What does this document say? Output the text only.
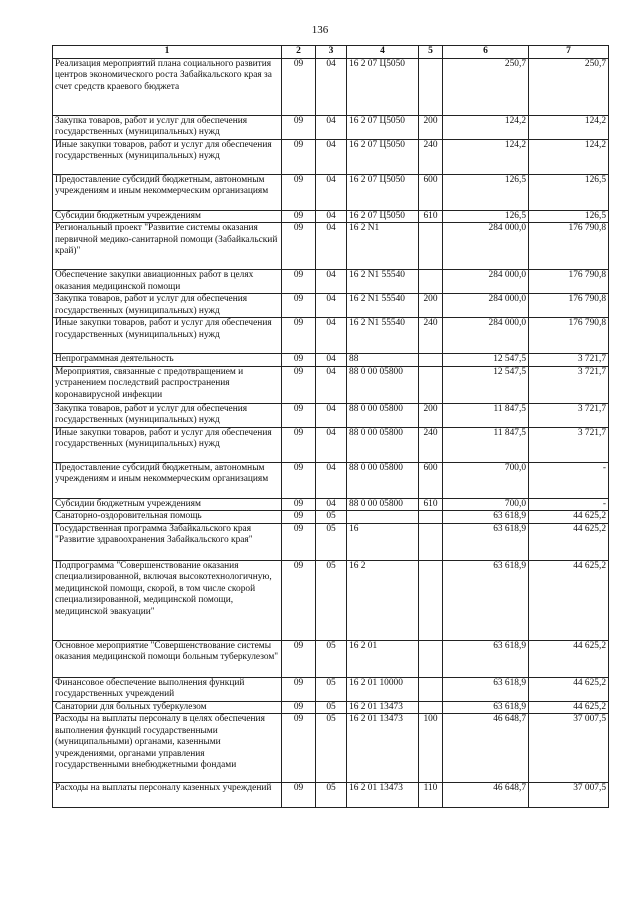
136
1	2	3	4	5	6	7
Реализация мероприятий плана социального развития центров экономического роста Забайкальского края за счет средств краевого бюджета	09	04	16 2 07 Ц5050		250,7	250,7
Закупка товаров, работ и услуг для обеспечения государственных (муниципальных) нужд	09	04	16 2 07 Ц5050	200	124,2	124,2
Иные закупки товаров, работ и услуг для обеспечения государственных (муниципальных) нужд	09	04	16 2 07 Ц5050	240	124,2	124,2
Предоставление субсидий бюджетным, автономным учреждениям и иным некоммерческим организациям	09	04	16 2 07 Ц5050	600	126,5	126,5
Субсидии бюджетным учреждениям	09	04	16 2 07 Ц5050	610	126,5	126,5
Региональный проект "Развитие системы оказания первичной медико-санитарной помощи (Забайкальский край)"	09	04	16 2 N1		284 000,0	176 790,8
Обеспечение закупки авиационных работ в целях оказания медицинской помощи	09	04	16 2 N1 55540		284 000,0	176 790,8
Закупка товаров, работ и услуг для обеспечения государственных (муниципальных) нужд	09	04	16 2 N1 55540	200	284 000,0	176 790,8
Иные закупки товаров, работ и услуг для обеспечения государственных (муниципальных) нужд	09	04	16 2 N1 55540	240	284 000,0	176 790,8
Непрограммная деятельность	09	04	88		12 547,5	3 721,7
Мероприятия, связанные с предотвращением и устранением последствий распространения коронавирусной инфекции	09	04	88 0 00 05800		12 547,5	3 721,7
Закупка товаров, работ и услуг для обеспечения государственных (муниципальных) нужд	09	04	88 0 00 05800	200	11 847,5	3 721,7
Иные закупки товаров, работ и услуг для обеспечения государственных (муниципальных) нужд	09	04	88 0 00 05800	240	11 847,5	3 721,7
Предоставление субсидий бюджетным, автономным учреждениям и иным некоммерческим организациям	09	04	88 0 00 05800	600	700,0	-
Субсидии бюджетным учреждениям	09	04	88 0 00 05800	610	700,0	-
Санаторно-оздоровительная помощь	09	05			63 618,9	44 625,2
Государственная программа Забайкальского края "Развитие здравоохранения Забайкальского края"	09	05	16		63 618,9	44 625,2
Подпрограмма "Совершенствование оказания специализированной, включая высокотехнологичную, медицинской помощи, скорой, в том числе скорой специализированной, медицинской помощи, медицинской эвакуации"	09	05	16 2		63 618,9	44 625,2
Основное мероприятие "Совершенствование системы оказания медицинской помощи больным туберкулезом"	09	05	16 2 01		63 618,9	44 625,2
Финансовое обеспечение выполнения функций государственных учреждений	09	05	16 2 01 10000		63 618,9	44 625,2
Санатории для больных туберкулезом	09	05	16 2 01 13473		63 618,9	44 625,2
Расходы на выплаты персоналу в целях обеспечения выполнения функций государственными (муниципальными) органами, казенными учреждениями, органами управления государственными внебюджетными фондами	09	05	16 2 01 13473	100	46 648,7	37 007,5
Расходы на выплаты персоналу казенных учреждений	09	05	16 2 01 13473	110	46 648,7	37 007,5
